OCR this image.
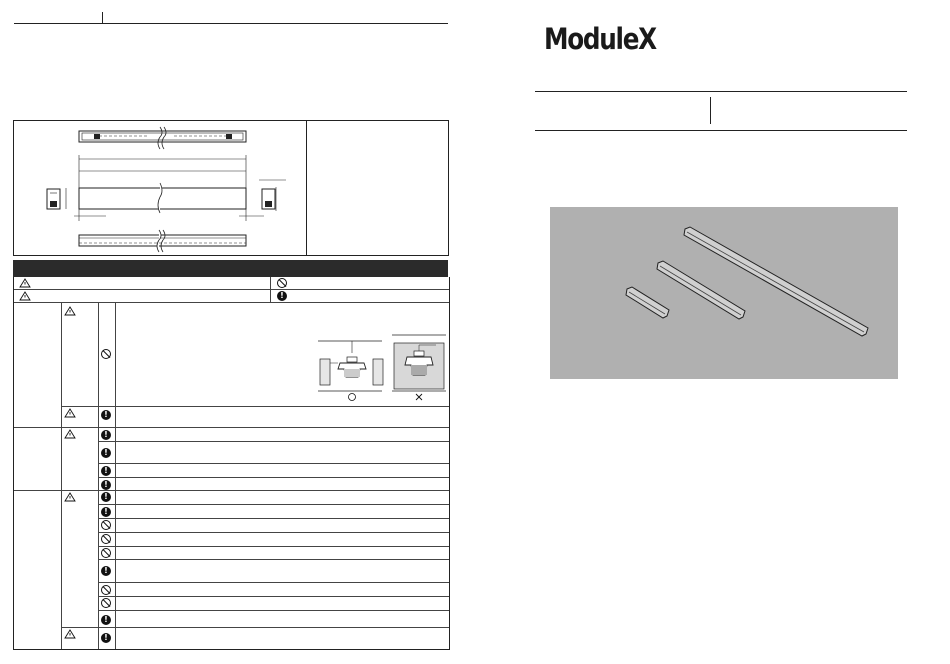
!
!
!
!
!
!
!
!
!
!
!
ModuleX
